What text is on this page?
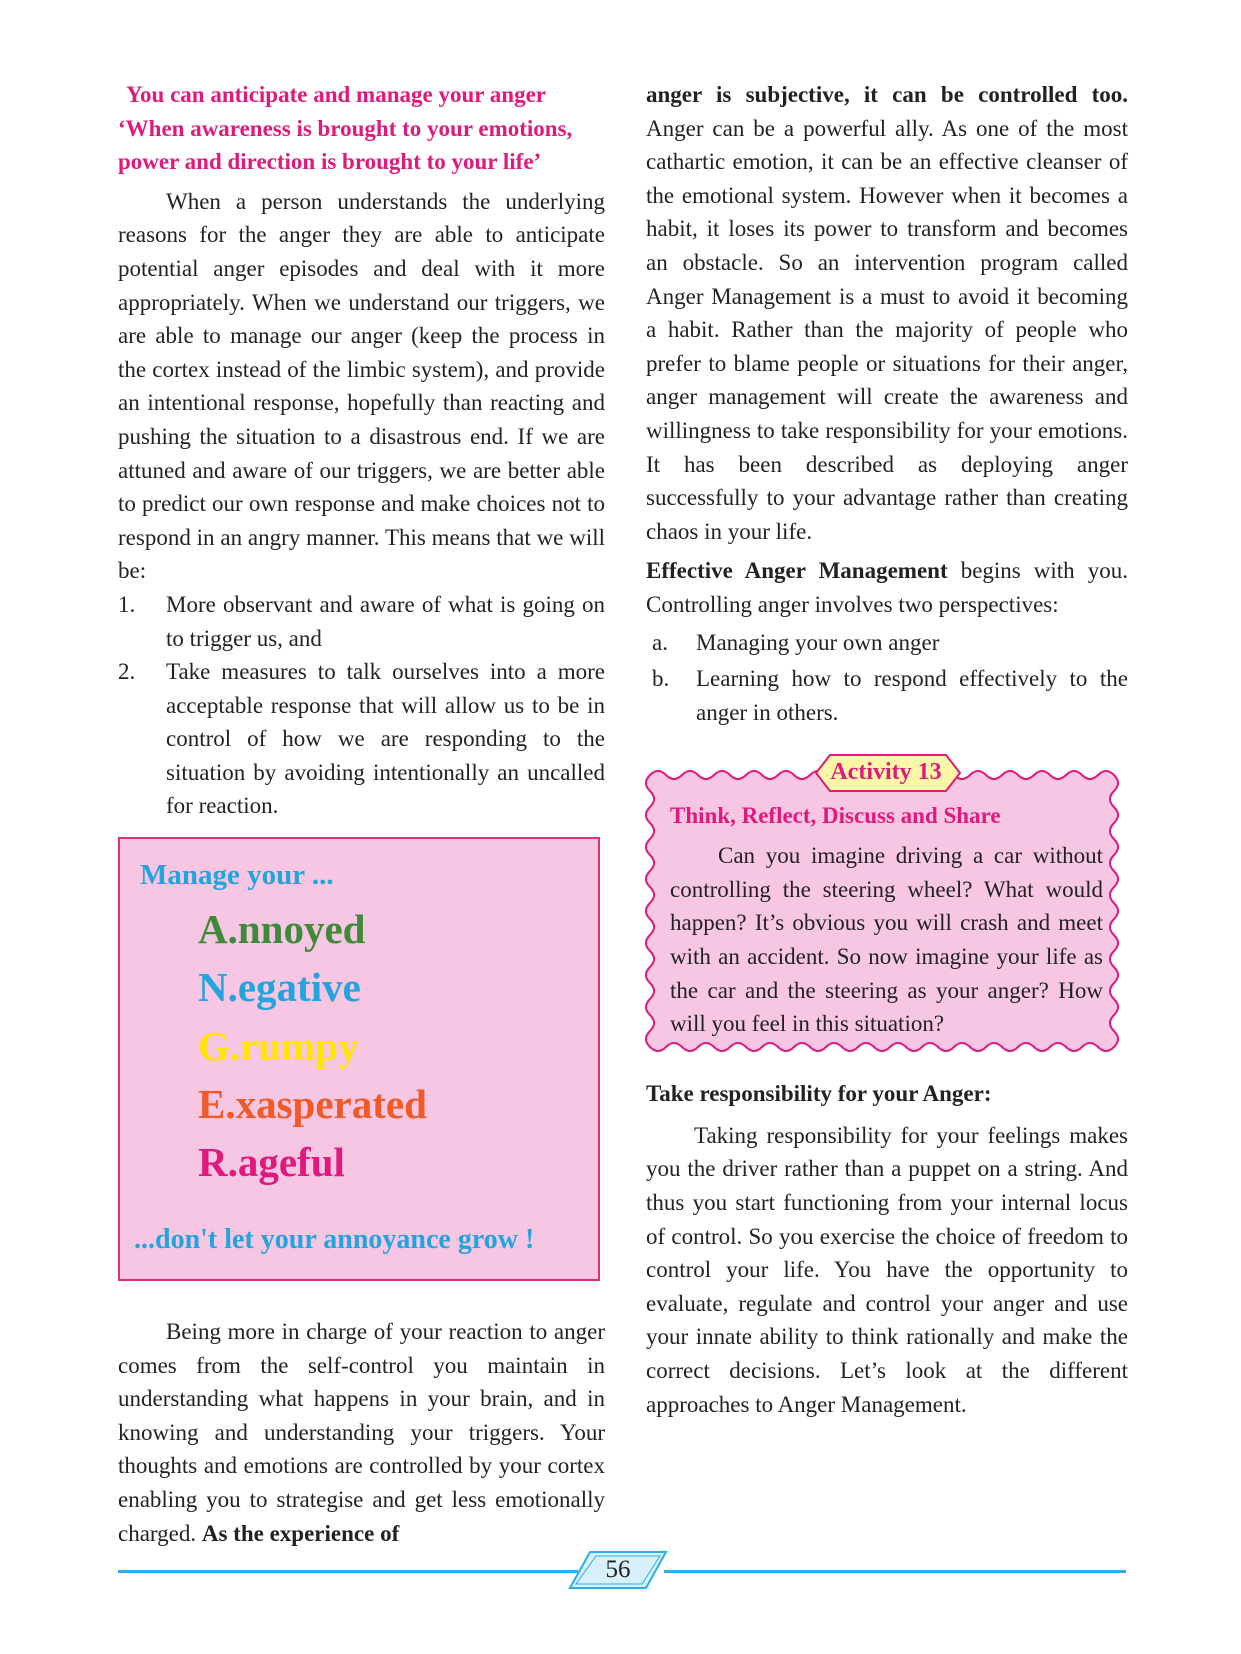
You can anticipate and manage your anger

‘When awareness is brought to your emotions,

power and direction is brought to your life’

When a person understands the underlying reasons for the anger they are able to anticipate potential anger episodes and deal with it more appropriately. When we understand our triggers, we are able to manage our anger (keep the process in the cortex instead of the limbic system), and provide an intentional response, hopefully than reacting and pushing the situation to a disastrous end. If we are attuned and aware of our triggers, we are better able to predict our own response and make choices not to respond in an angry manner. This means that we will be:

1. More observant and aware of what is going on to trigger us, and
2. Take measures to talk ourselves into a more acceptable response that will allow us to be in control of how we are responding to the situation by avoiding intentionally an uncalled for reaction.
Manage your ...
A.nnoyed
N.egative
G.rumpy
E.xasperated
R.ageful
...don't let your annoyance grow !

Being more in charge of your reaction to anger comes from the self-control you maintain in understanding what happens in your brain, and in knowing and understanding your triggers. Your thoughts and emotions are controlled by your cortex enabling you to strategise and get less emotionally charged. As the experience of

anger is subjective, it can be controlled too. Anger can be a powerful ally. As one of the most cathartic emotion, it can be an effective cleanser of the emotional system. However when it becomes a habit, it loses its power to transform and becomes an obstacle. So an intervention program called Anger Management is a must to avoid it becoming a habit. Rather than the majority of people who prefer to blame people or situations for their anger, anger management will create the awareness and willingness to take responsibility for your emotions. It has been described as deploying anger successfully to your advantage rather than creating chaos in your life.

Effective Anger Management begins with you. Controlling anger involves two perspectives:

a. Managing your own anger
b. Learning how to respond effectively to the anger in others.
Activity 13
Think, Reflect, Discuss and Share

Can you imagine driving a car without controlling the steering wheel? What would happen? It’s obvious you will crash and meet with an accident. So now imagine your life as the car and the steering as your anger? How will you feel in this situation?

Take responsibility for your Anger:

Taking responsibility for your feelings makes you the driver rather than a puppet on a string. And thus you start functioning from your internal locus of control. So you exercise the choice of freedom to control your life. You have the opportunity to evaluate, regulate and control your anger and use your innate ability to think rationally and make the correct decisions. Let’s look at the different approaches to Anger Management.

56
